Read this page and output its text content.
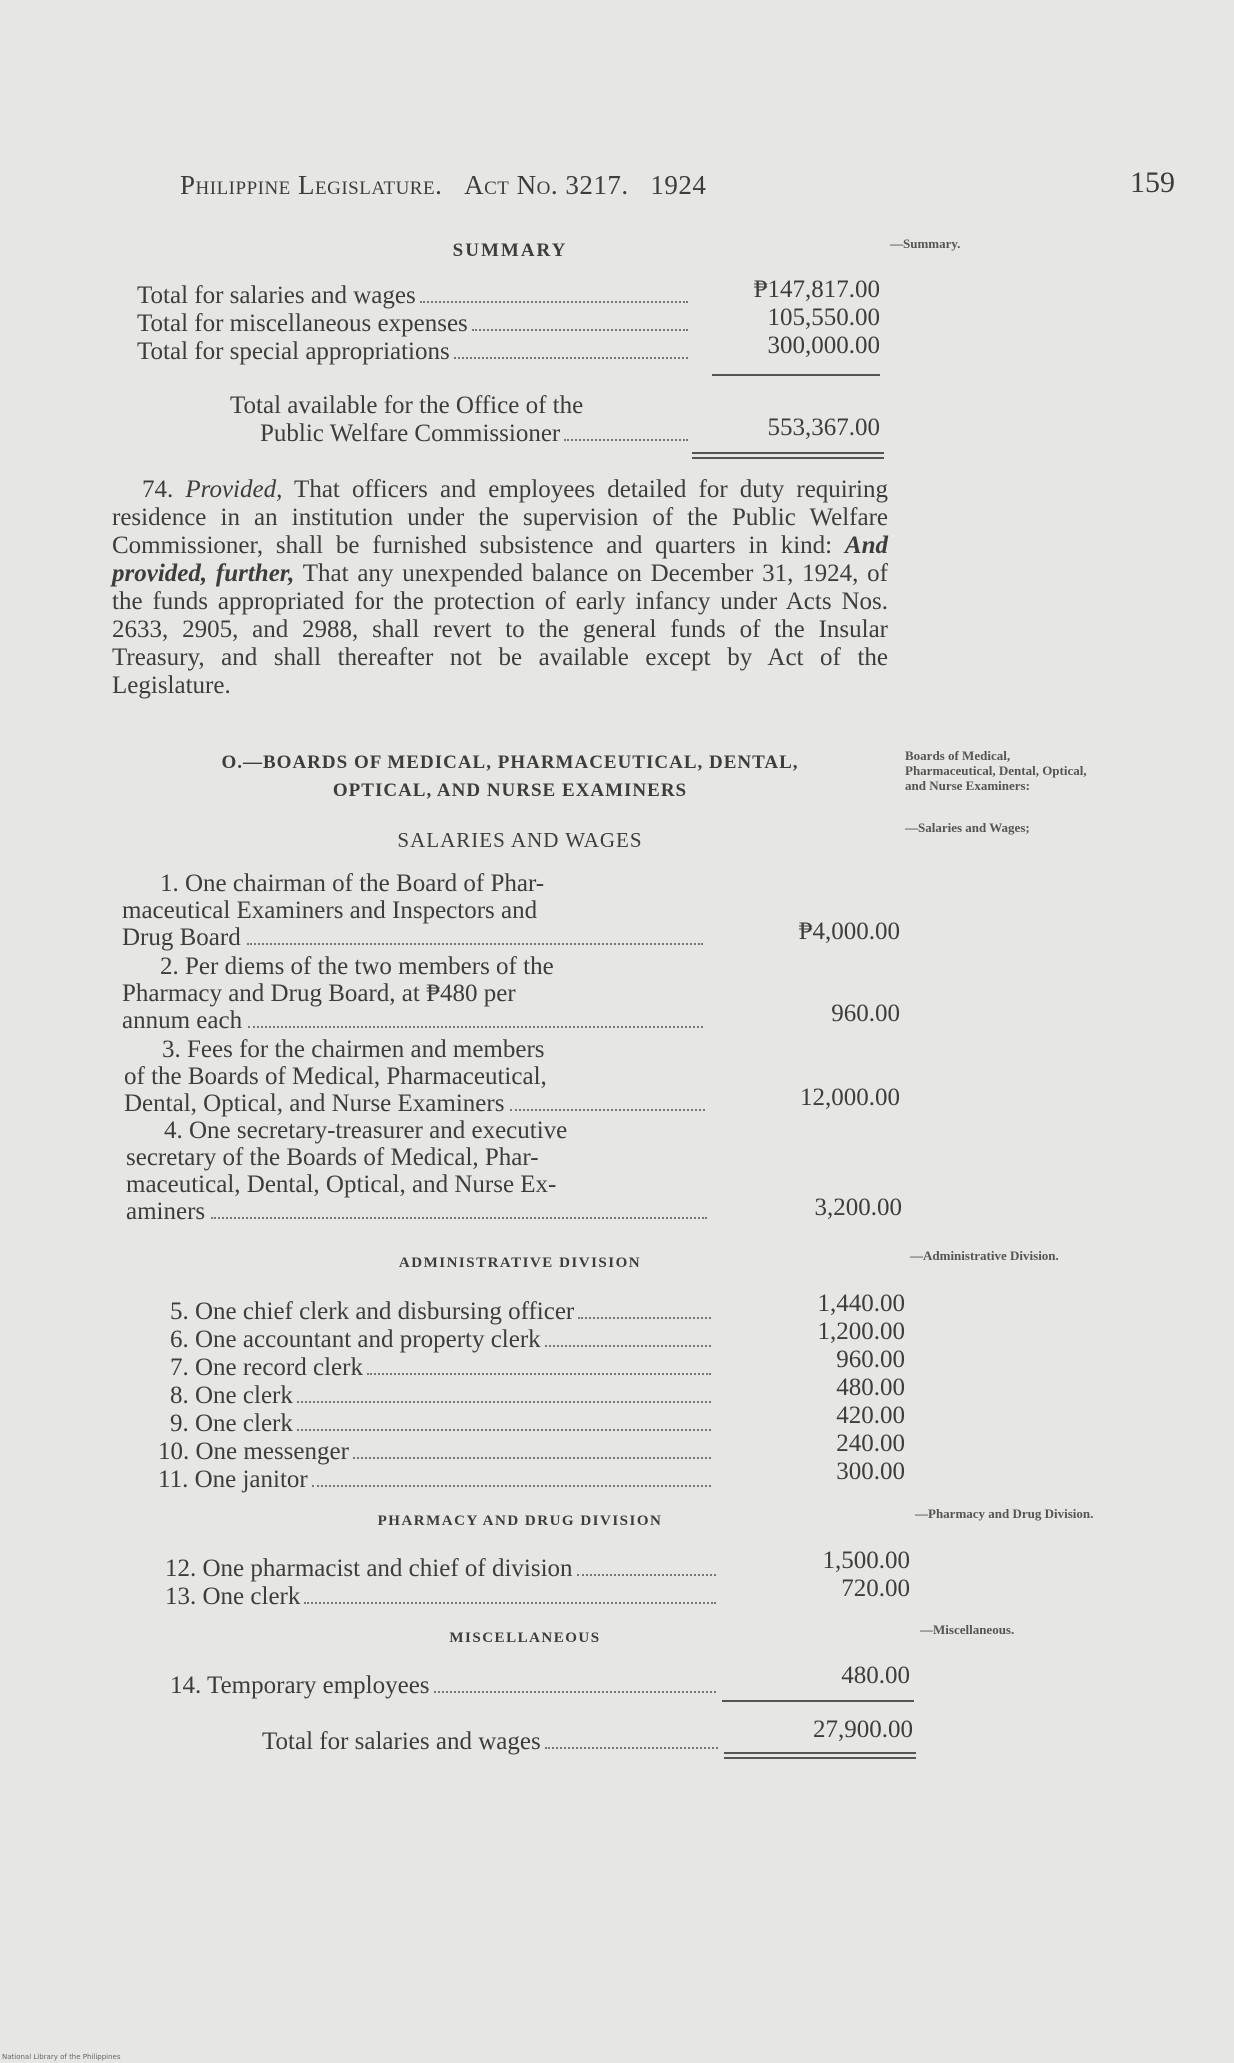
Philippine Legislature. Act No. 3217. 1924	159
SUMMARY	—Summary.
Total for salaries and wages	₱147,817.00
Total for miscellaneous expenses	105,550.00
Total for special appropriations	300,000.00
Total available for the Office of the
Public Welfare Commissioner	553,367.00
74. Provided, That officers and employees detailed for duty requiring residence in an institution under the supervision of the Public Welfare Commissioner, shall be furnished subsistence and quarters in kind: And provided, further, That any unexpended balance on December 31, 1924, of the funds appropriated for the protection of early infancy under Acts Nos. 2633, 2905, and 2988, shall revert to the general funds of the Insular Treasury, and shall thereafter not be available except by Act of the Legislature.
O.—BOARDS OF MEDICAL, PHARMACEUTICAL, DENTAL,
OPTICAL, AND NURSE EXAMINERS
Boards of Medical, Pharmaceutical, Dental, Optical, and Nurse Examiners:
—Salaries and Wages;
SALARIES AND WAGES
1. One chairman of the Board of Phar-
maceutical Examiners and Inspectors and
Drug Board	₱4,000.00
2. Per diems of the two members of the
Pharmacy and Drug Board, at ₱480 per
annum each	960.00
3. Fees for the chairmen and members
of the Boards of Medical, Pharmaceutical,
Dental, Optical, and Nurse Examiners	12,000.00
4. One secretary-treasurer and executive
secretary of the Boards of Medical, Phar-
maceutical, Dental, Optical, and Nurse Ex-
aminers	3,200.00
ADMINISTRATIVE DIVISION	—Administrative Division.
5. One chief clerk and disbursing officer	1,440.00
6. One accountant and property clerk	1,200.00
7. One record clerk	960.00
8. One clerk	480.00
9. One clerk	420.00
10. One messenger	240.00
11. One janitor	300.00
PHARMACY AND DRUG DIVISION	—Pharmacy and Drug Division.
12. One pharmacist and chief of division	1,500.00
13. One clerk	720.00
MISCELLANEOUS
—Miscellaneous.
14. Temporary employees	480.00
Total for salaries and wages	27,900.00
National Library of the Philippines
